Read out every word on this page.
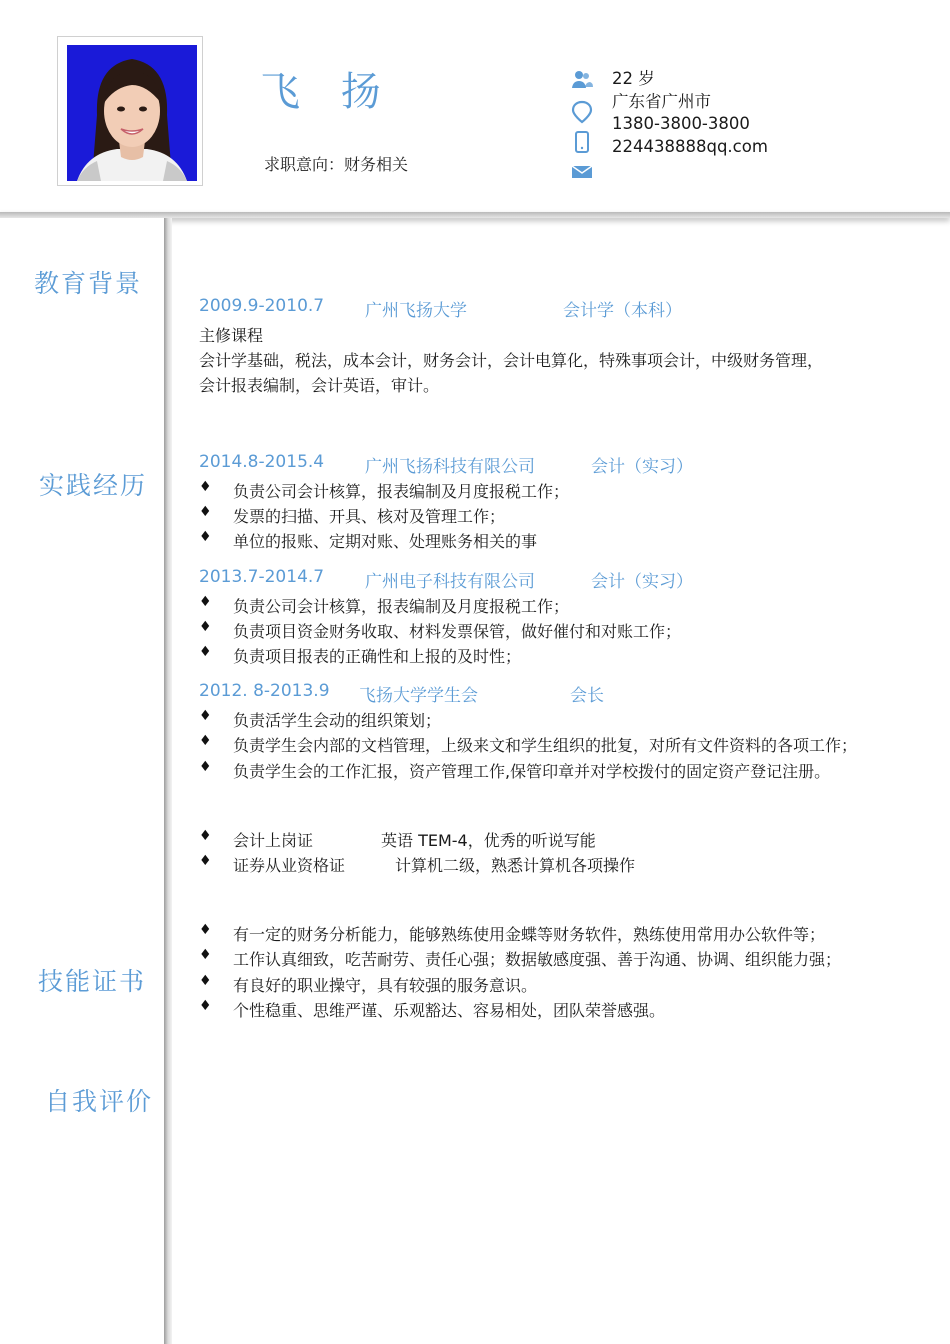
飞 扬
求职意向：财务相关
22 岁
广东省广州市
1380-3800-3800
224438888qq.com
教育背景
实践经历
技能证书
自我评价
2009.9-2010.7 广州飞扬大学	会计学（本科）
主修课程
会计学基础，税法，成本会计，财务会计，会计电算化，特殊事项会计，中级财务管理，
会计报表编制，会计英语，审计。
2014.8-2015.4 广州飞扬科技有限公司	会计（实习）
♦ 负责公司会计核算，报表编制及月度报税工作；
♦ 发票的扫描、开具、核对及管理工作；
♦ 单位的报账、定期对账、处理账务相关的事
2013.7-2014.7 广州电子科技有限公司	会计（实习）
♦ 负责公司会计核算，报表编制及月度报税工作；
♦ 负责项目资金财务收取、材料发票保管，做好催付和对账工作；
♦ 负责项目报表的正确性和上报的及时性；
2012. 8-2013.9 飞扬大学学生会	会长
♦ 负责活学生会动的组织策划；
♦ 负责学生会内部的文档管理，上级来文和学生组织的批复，对所有文件资料的各项工作；
♦ 负责学生会的工作汇报，资产管理工作,保管印章并对学校拨付的固定资产登记注册。
♦ 会计上岗证	英语 TEM-4，优秀的听说写能
♦ 证券从业资格证	计算机二级，熟悉计算机各项操作
♦ 有一定的财务分析能力，能够熟练使用金蝶等财务软件，熟练使用常用办公软件等；
♦ 工作认真细致，吃苦耐劳、责任心强；数据敏感度强、善于沟通、协调、组织能力强；
♦ 有良好的职业操守，具有较强的服务意识。
♦ 个性稳重、思维严谨、乐观豁达、容易相处，团队荣誉感强。
